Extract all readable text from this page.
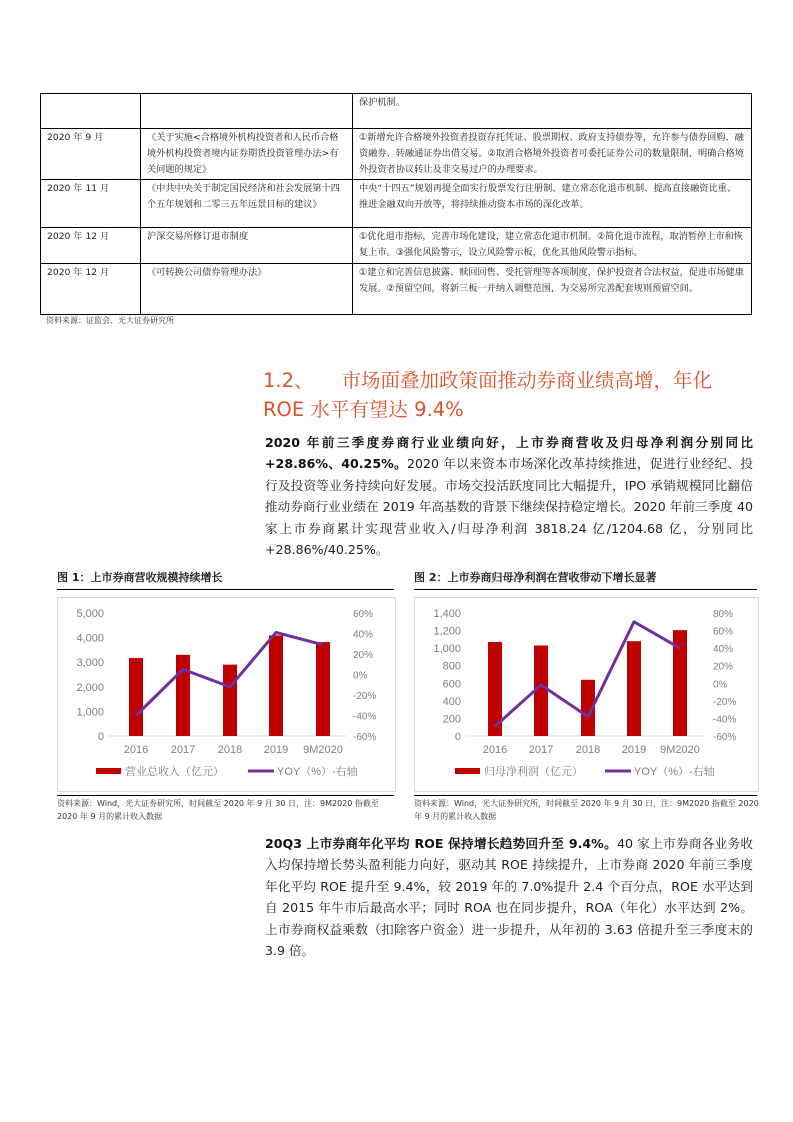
		保护机制。
2020 年 9 月	《关于实施<合格境外机构投资者和人民币合格境外机构投资者境内证券期货投资管理办法>有关问题的规定》	①新增允许合格境外投资者投资存托凭证、股票期权、政府支持债券等，允许参与债券回购、融资融券、转融通证券出借交易。②取消合格境外投资者可委托证券公司的数量限制，明确合格境外投资者协议转让及非交易过户的办理要求。
2020 年 11 月	《中共中央关于制定国民经济和社会发展第十四个五年规划和二零三五年远景目标的建议》	中央“十四五”规划再提全面实行股票发行注册制、建立常态化退市机制、提高直接融资比重、推进金融双向开放等，将持续推动资本市场的深化改革。
2020 年 12 月	沪深交易所修订退市制度	①优化退市指标，完善市场化建设，建立常态化退市机制。②简化退市流程，取消暂停上市和恢复上市。③强化风险警示，设立风险警示板，优化其他风险警示指标。
2020 年 12 月	《可转换公司债券管理办法》	①建立和完善信息披露、赎回回售、受托管理等各项制度，保护投资者合法权益，促进市场健康发展。②预留空间，将新三板一并纳入调整范围，为交易所完善配套规则预留空间。
资料来源：证监会、光大证券研究所
1.2、 市场面叠加政策面推动券商业绩高增，年化 ROE 水平有望达 9.4%
2020 年前三季度券商行业业绩向好，上市券商营收及归母净利润分别同比+28.86%、40.25%。2020 年以来资本市场深化改革持续推进，促进行业经纪、投行及投资等业务持续向好发展。市场交投活跃度同比大幅提升，IPO 承销规模同比翻倍推动券商行业业绩在 2019 年高基数的背景下继续保持稳定增长。2020 年前三季度 40 家上市券商累计实现营业收入/归母净利润 3818.24 亿/1204.68 亿，分别同比+28.86%/40.25%。
图 1：上市券商营收规模持续增长
0
1,000
2,000
3,000
4,000
5,000
-60%
-40%
-20%
0%
20%
40%
60%
2016 2017 2018 2019 9M2020
营业总收入（亿元）	YOY（%）-右轴
资料来源：Wind，光大证券研究所，时间截至 2020 年 9 月 30 日，注：9M2020 指截至 2020 年 9 月的累计收入数据
图 2：上市券商归母净利润在营收带动下增长显著
0
200
400
600
800
1,000
1,200
1,400
-60%
-40%
-20%
0%
20%
40%
60%
80%
2016 2017 2018 2019 9M2020
归母净利润（亿元）	YOY（%）-右轴
资料来源：Wind，光大证券研究所，时间截至 2020 年 9 月 30 日，注：9M2020 指截至 2020 年 9 月的累计收入数据
20Q3 上市券商年化平均 ROE 保持增长趋势回升至 9.4%。40 家上市券商各业务收入均保持增长势头盈利能力向好，驱动其 ROE 持续提升，上市券商 2020 年前三季度年化平均 ROE 提升至 9.4%，较 2019 年的 7.0%提升 2.4 个百分点，ROE 水平达到自 2015 年牛市后最高水平；同时 ROA 也在同步提升，ROA（年化）水平达到 2%。上市券商权益乘数（扣除客户资金）进一步提升，从年初的 3.63 倍提升至三季度末的 3.9 倍。
